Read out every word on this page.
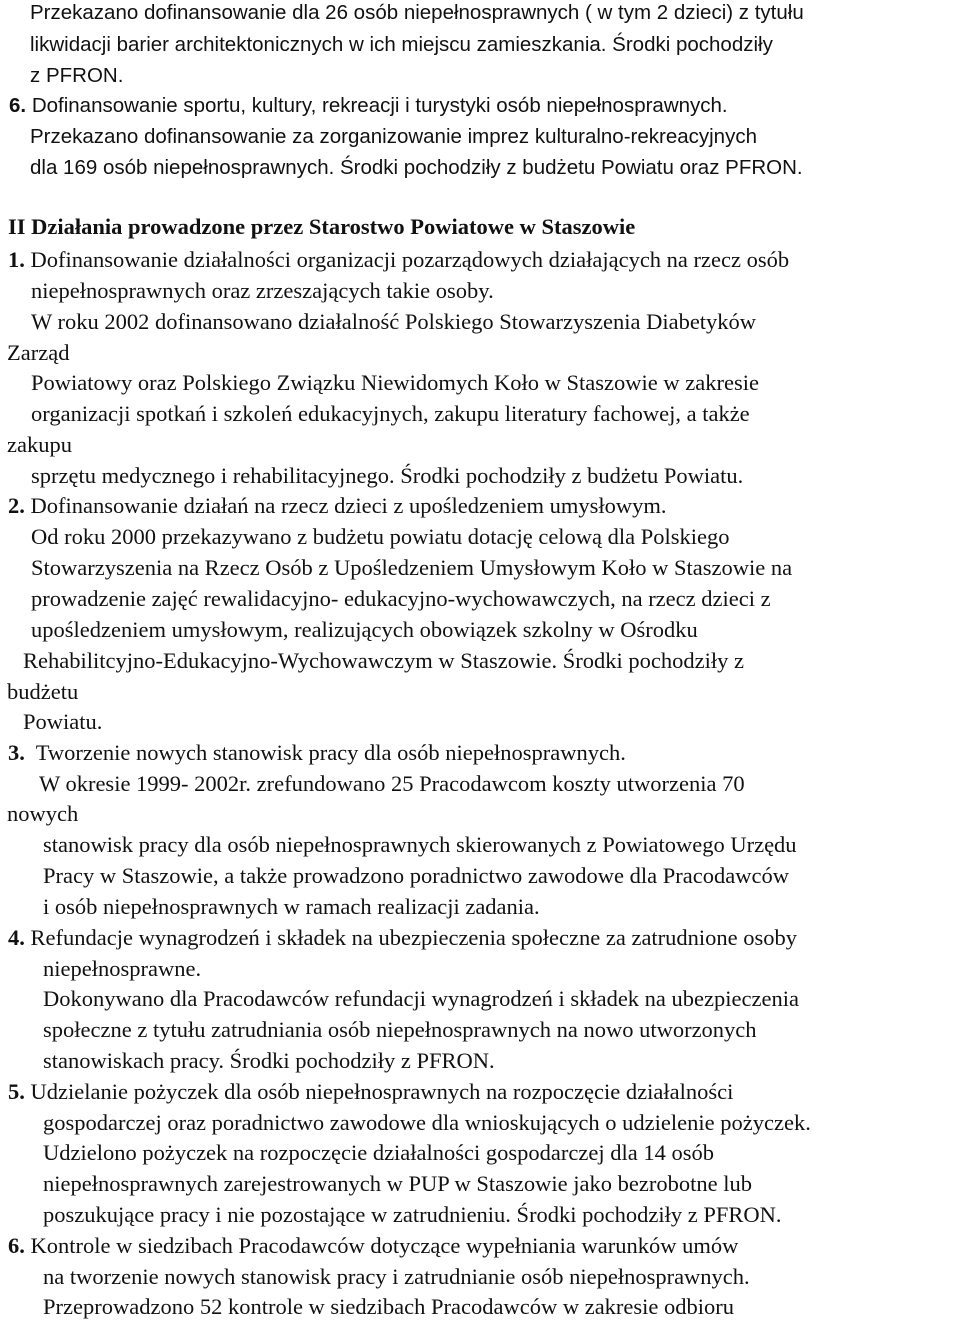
Przekazano dofinansowanie dla 26 osób niepełnosprawnych ( w tym 2 dzieci) z tytułu
likwidacji barier architektonicznych w ich miejscu zamieszkania. Środki pochodziły
z PFRON.
6. Dofinansowanie sportu, kultury, rekreacji i turystyki osób niepełnosprawnych.
Przekazano dofinansowanie za zorganizowanie imprez kulturalno-rekreacyjnych
dla 169 osób niepełnosprawnych. Środki pochodziły z budżetu Powiatu oraz PFRON.
II Działania prowadzone przez Starostwo Powiatowe w Staszowie
1. Dofinansowanie działalności organizacji pozarządowych działających na rzecz osób
niepełnosprawnych oraz zrzeszających takie osoby.
W roku 2002 dofinansowano działalność Polskiego Stowarzyszenia Diabetyków
Zarząd
Powiatowy oraz Polskiego Związku Niewidomych Koło w Staszowie w zakresie
organizacji spotkań i szkoleń edukacyjnych, zakupu literatury fachowej, a także
zakupu
sprzętu medycznego i rehabilitacyjnego. Środki pochodziły z budżetu Powiatu.
2. Dofinansowanie działań na rzecz dzieci z upośledzeniem umysłowym.
Od roku 2000 przekazywano z budżetu powiatu dotację celową dla Polskiego
Stowarzyszenia na Rzecz Osób z Upośledzeniem Umysłowym Koło w Staszowie na
prowadzenie zajęć rewalidacyjno- edukacyjno-wychowawczych, na rzecz dzieci z
upośledzeniem umysłowym, realizujących obowiązek szkolny w Ośrodku
Rehabilitcyjno-Edukacyjno-Wychowawczym w Staszowie. Środki pochodziły z
budżetu
Powiatu.
3. Tworzenie nowych stanowisk pracy dla osób niepełnosprawnych.
W okresie 1999- 2002r. zrefundowano 25 Pracodawcom koszty utworzenia 70
nowych
stanowisk pracy dla osób niepełnosprawnych skierowanych z Powiatowego Urzędu
Pracy w Staszowie, a także prowadzono poradnictwo zawodowe dla Pracodawców
i osób niepełnosprawnych w ramach realizacji zadania.
4. Refundacje wynagrodzeń i składek na ubezpieczenia społeczne za zatrudnione osoby
niepełnosprawne.
Dokonywano dla Pracodawców refundacji wynagrodzeń i składek na ubezpieczenia
społeczne z tytułu zatrudniania osób niepełnosprawnych na nowo utworzonych
stanowiskach pracy. Środki pochodziły z PFRON.
5. Udzielanie pożyczek dla osób niepełnosprawnych na rozpoczęcie działalności
gospodarczej oraz poradnictwo zawodowe dla wnioskujących o udzielenie pożyczek.
Udzielono pożyczek na rozpoczęcie działalności gospodarczej dla 14 osób
niepełnosprawnych zarejestrowanych w PUP w Staszowie jako bezrobotne lub
poszukujące pracy i nie pozostające w zatrudnieniu. Środki pochodziły z PFRON.
6. Kontrole w siedzibach Pracodawców dotyczące wypełniania warunków umów
na tworzenie nowych stanowisk pracy i zatrudnianie osób niepełnosprawnych.
Przeprowadzono 52 kontrole w siedzibach Pracodawców w zakresie odbioru
